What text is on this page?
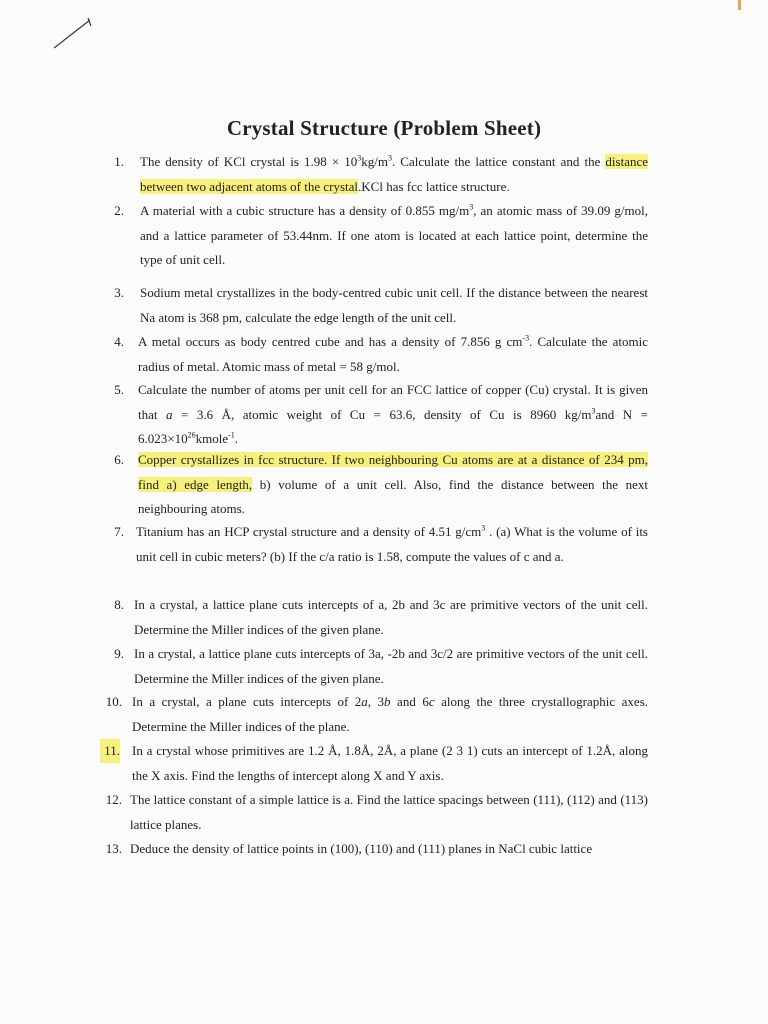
Crystal Structure (Problem Sheet)
1. The density of KCl crystal is $1.98 \times 10^3kg/m^3$. Calculate the lattice constant and the distance between two adjacent atoms of the crystal.KCl has fcc lattice structure.

2. A material with a cubic structure has a density of 0.855 $mg/m^3$, an atomic mass of 39.09 g/mol, and a lattice parameter of 53.44nm. If one atom is located at each lattice point, determine the type of unit cell.

3. Sodium metal crystallizes in the body-centred cubic unit cell. If the distance between the nearest Na atom is 368 pm, calculate the edge length of the unit cell.

4. A metal occurs as body centred cube and has a density of 7.856 g $cm^{-3}$. Calculate the atomic radius of metal. Atomic mass of metal = 58 g/mol.

5. Calculate the number of atoms per unit cell for an FCC lattice of copper (Cu) crystal. It is given that a = 3.6 Å, atomic weight of Cu = 63.6, density of Cu is 8960 $kg/m^3and$ $N = 6.023\times 10^{26}kmole^{-1}$.

6. Copper crystallizes in fcc structure. If two neighbouring Cu atoms are at a distance of 234 pm, find a) edge length, b) volume of a unit cell. Also, find the distance between the next neighbouring atoms.

7. Titanium has an HCP crystal structure and a density of 4.51 $g/cm^3$ . (a) What is the volume of its unit cell in cubic meters? (b) If the c/a ratio is 1.58, compute the values of c and a.

8. In a crystal, a lattice plane cuts intercepts of a, 2b and 3c are primitive vectors of the unit cell. Determine the Miller indices of the given plane.

9. In a crystal, a lattice plane cuts intercepts of 3a, -2b and 3c/2 are primitive vectors of the unit cell. Determine the Miller indices of the given plane.

10. In a crystal, a plane cuts intercepts of 2a, 3b and 6c along the three crystallographic axes. Determine the Miller indices of the plane.

11. In a crystal whose primitives are 1.2 Å, 1.8Å, 2Å, a plane (2 3 1) cuts an intercept of 1.2Å, along the X axis. Find the lengths of intercept along X and Y axis.

12. The lattice constant of a simple lattice is a. Find the lattice spacings between (111), (112) and (113) lattice planes.

13. Deduce the density of lattice points in (100), (110) and (111) planes in NaCl cubic lattice
